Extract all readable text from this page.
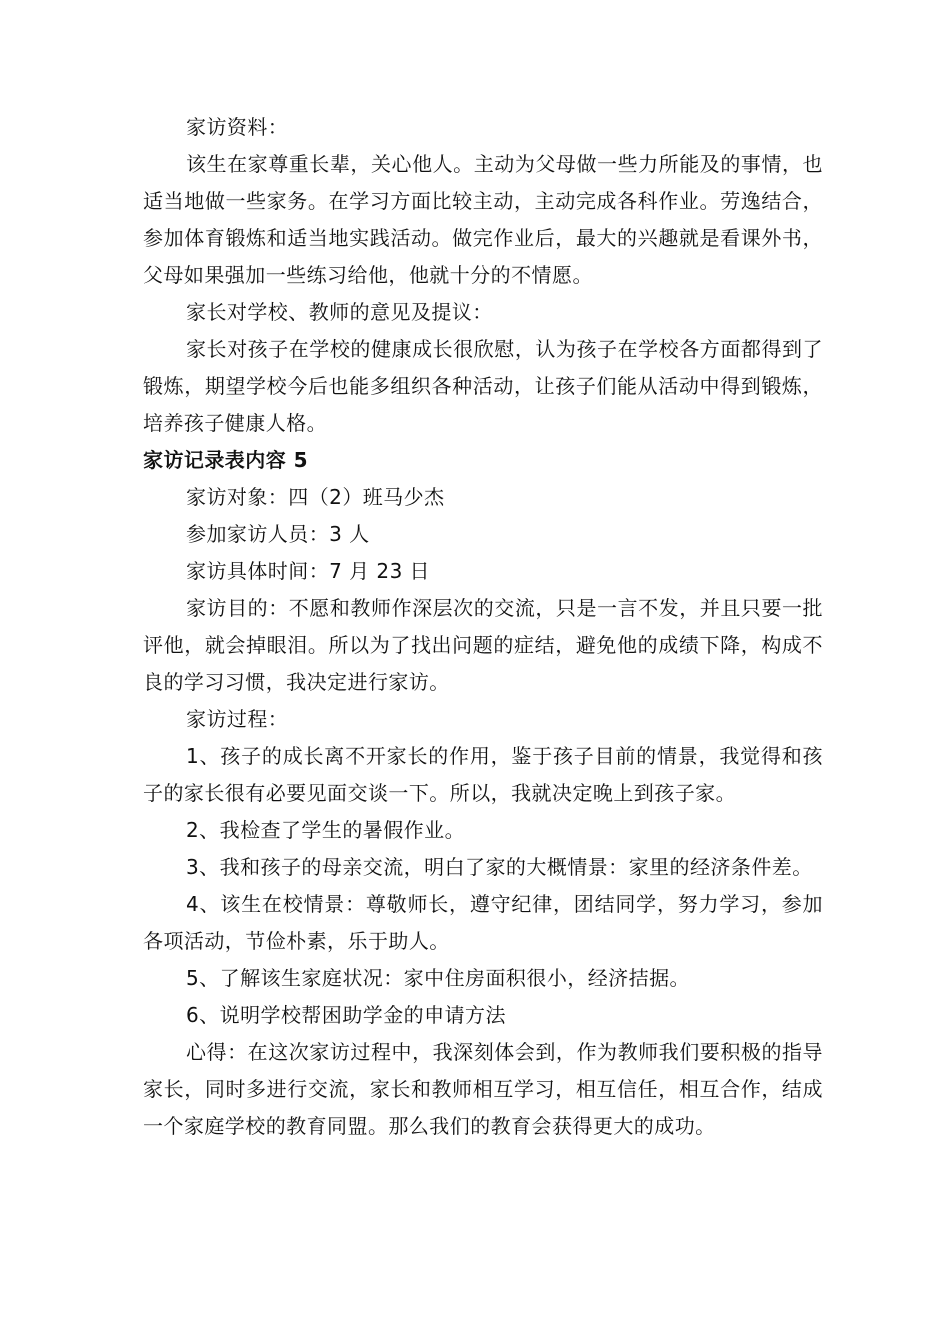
家访资料：

该生在家尊重长辈，关心他人。主动为父母做一些力所能及的事情，也适当地做一些家务。在学习方面比较主动，主动完成各科作业。劳逸结合，参加体育锻炼和适当地实践活动。做完作业后，最大的兴趣就是看课外书，父母如果强加一些练习给他，他就十分的不情愿。

家长对学校、教师的意见及提议：

家长对孩子在学校的健康成长很欣慰，认为孩子在学校各方面都得到了锻炼，期望学校今后也能多组织各种活动，让孩子们能从活动中得到锻炼，培养孩子健康人格。

家访记录表内容 5

家访对象：四（2）班马少杰

参加家访人员：3 人

家访具体时间：7 月 23 日

家访目的：不愿和教师作深层次的交流，只是一言不发，并且只要一批评他，就会掉眼泪。所以为了找出问题的症结，避免他的成绩下降，构成不良的学习习惯，我决定进行家访。

家访过程：

1、孩子的成长离不开家长的作用，鉴于孩子目前的情景，我觉得和孩子的家长很有必要见面交谈一下。所以，我就决定晚上到孩子家。

2、我检查了学生的暑假作业。

3、我和孩子的母亲交流，明白了家的大概情景：家里的经济条件差。

4、该生在校情景：尊敬师长，遵守纪律，团结同学，努力学习，参加各项活动，节俭朴素，乐于助人。

5、了解该生家庭状况：家中住房面积很小，经济拮据。

6、说明学校帮困助学金的申请方法

心得：在这次家访过程中，我深刻体会到，作为教师我们要积极的指导家长，同时多进行交流，家长和教师相互学习，相互信任，相互合作，结成一个家庭学校的教育同盟。那么我们的教育会获得更大的成功。
